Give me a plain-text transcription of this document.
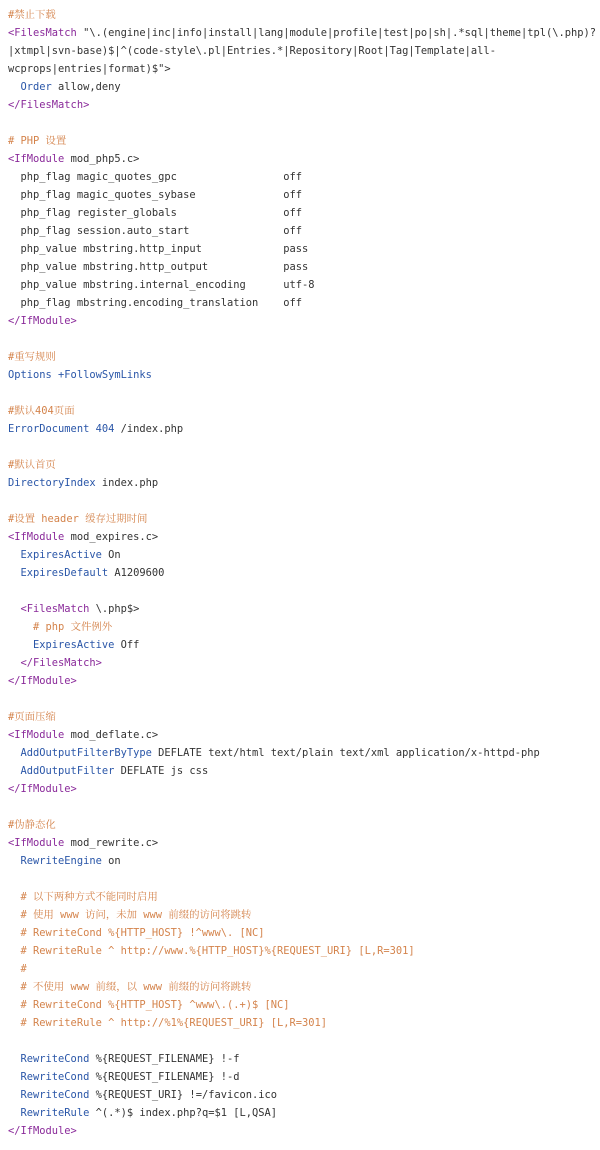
#禁止下载
<FilesMatch "\.(engine|inc|info|install|lang|module|profile|test|po|sh|.*sql|theme|tpl(\.php)?
|xtmpl|svn-base)$|^(code-style\.pl|Entries.*|Repository|Root|Tag|Template|all-
wcprops|entries|format)$">
Order allow,deny
</FilesMatch>
# PHP 设置
<IfModule mod_php5.c>
php_flag magic_quotes_gpc                 off
php_flag magic_quotes_sybase              off
php_flag register_globals                 off
php_flag session.auto_start               off
php_value mbstring.http_input             pass
php_value mbstring.http_output            pass
php_value mbstring.internal_encoding      utf-8
php_flag mbstring.encoding_translation    off
</IfModule>
#重写规则
Options +FollowSymLinks
#默认404页面
ErrorDocument 404 /index.php
#默认首页
DirectoryIndex index.php
#设置 header 缓存过期时间
<IfModule mod_expires.c>
ExpiresActive On
ExpiresDefault A1209600
<FilesMatch \.php$>
# php 文件例外
ExpiresActive Off
</FilesMatch>
</IfModule>
#页面压缩
<IfModule mod_deflate.c>
AddOutputFilterByType DEFLATE text/html text/plain text/xml application/x-httpd-php
AddOutputFilter DEFLATE js css
</IfModule>
#伪静态化
<IfModule mod_rewrite.c>
RewriteEngine on
# 以下两种方式不能同时启用
# 使用 www 访问，未加 www 前缀的访问将跳转
# RewriteCond %{HTTP_HOST} !^www\. [NC]
# RewriteRule ^ http://www.%{HTTP_HOST}%{REQUEST_URI} [L,R=301]
#
# 不使用 www 前缀，以 www 前缀的访问将跳转
# RewriteCond %{HTTP_HOST} ^www\.(.+)$ [NC]
# RewriteRule ^ http://%1%{REQUEST_URI} [L,R=301]
RewriteCond %{REQUEST_FILENAME} !-f
RewriteCond %{REQUEST_FILENAME} !-d
RewriteCond %{REQUEST_URI} !=/favicon.ico
RewriteRule ^(.*)$ index.php?q=$1 [L,QSA]
</IfModule>
